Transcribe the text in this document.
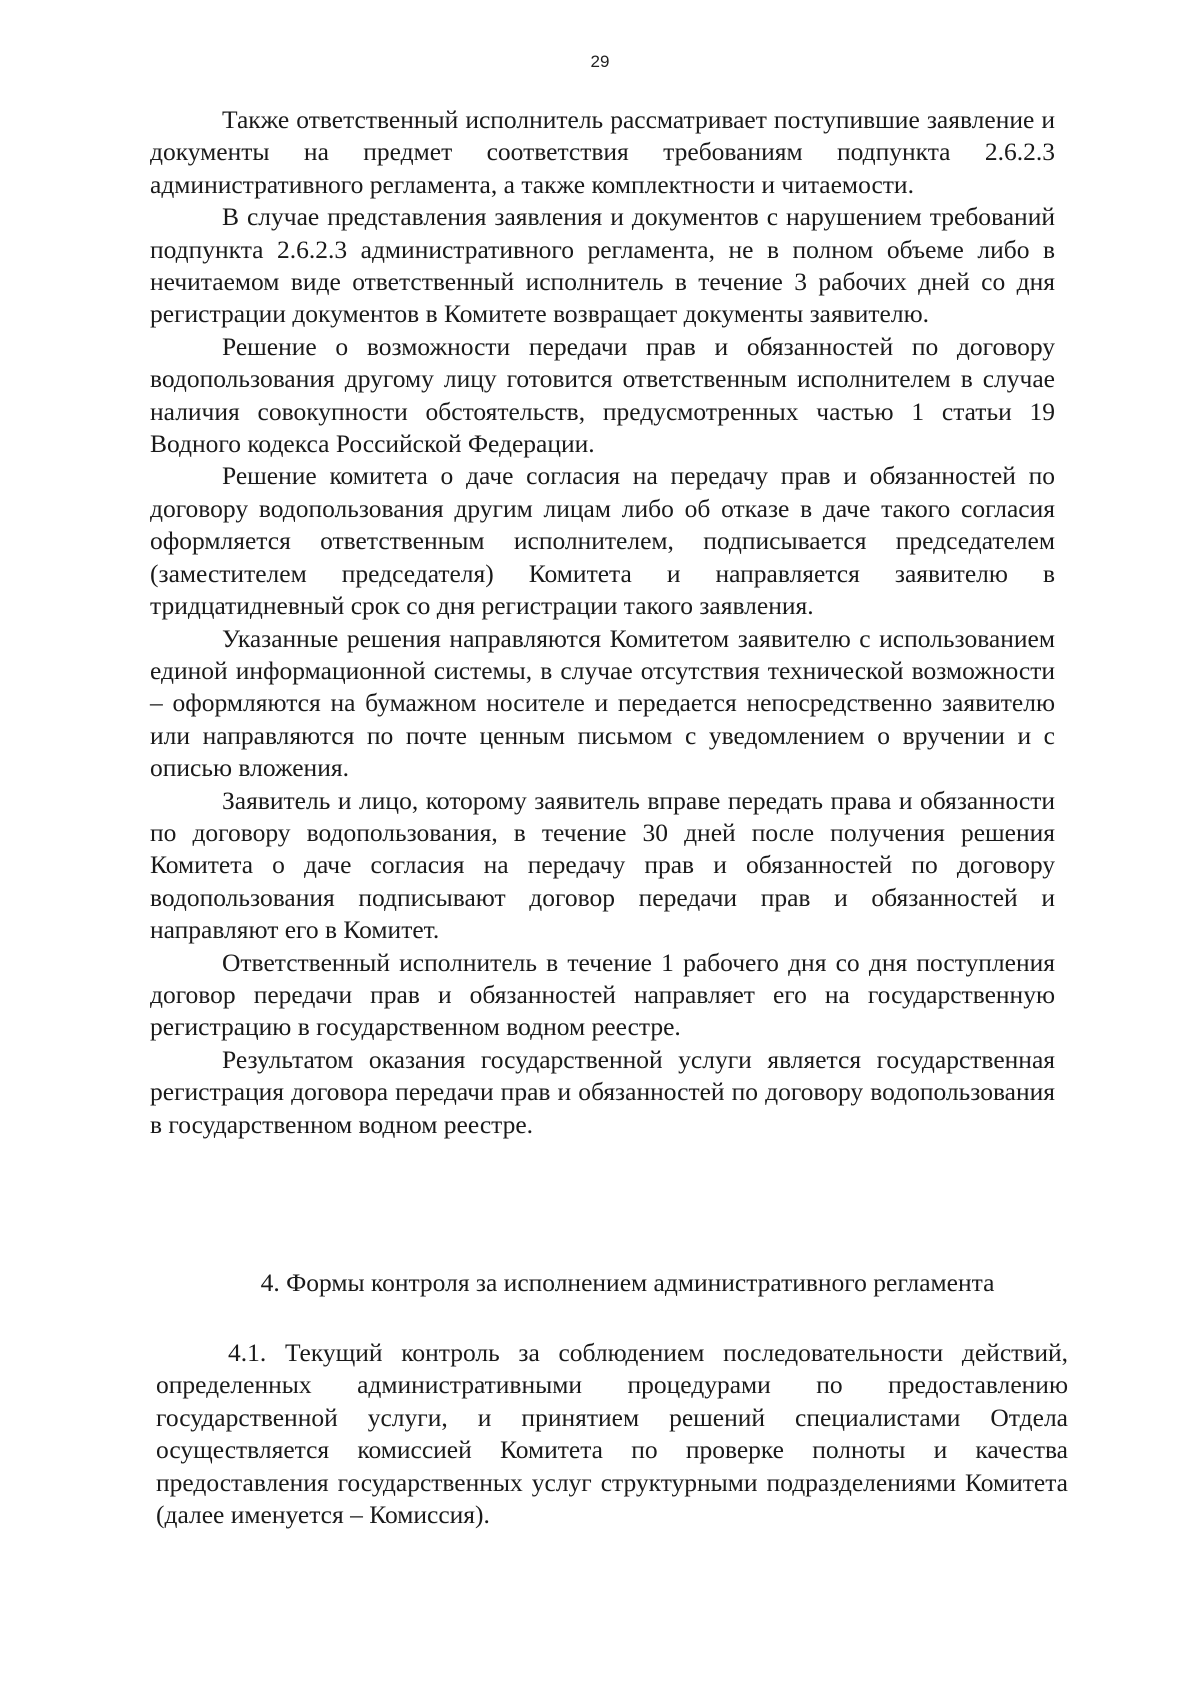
29

Также ответственный исполнитель рассматривает поступившие заявление и документы на предмет соответствия требованиям подпункта 2.6.2.3 административного регламента, а также комплектности и читаемости.

В случае представления заявления и документов с нарушением требований подпункта 2.6.2.3 административного регламента, не в полном объеме либо в нечитаемом виде ответственный исполнитель в течение 3 рабочих дней со дня регистрации документов в Комитете возвращает документы заявителю.

Решение о возможности передачи прав и обязанностей по договору водопользования другому лицу готовится ответственным исполнителем в случае наличия совокупности обстоятельств, предусмотренных частью 1 статьи 19 Водного кодекса Российской Федерации.

Решение комитета о даче согласия на передачу прав и обязанностей по договору водопользования другим лицам либо об отказе в даче такого согласия оформляется ответственным исполнителем, подписывается председателем (заместителем председателя) Комитета и направляется заявителю в тридцатидневный срок со дня регистрации такого заявления.

Указанные решения направляются Комитетом заявителю с использованием единой информационной системы, в случае отсутствия технической возможности – оформляются на бумажном носителе и передается непосредственно заявителю или направляются по почте ценным письмом с уведомлением о вручении и с описью вложения.

Заявитель и лицо, которому заявитель вправе передать права и обязанности по договору водопользования, в течение 30 дней после получения решения Комитета о даче согласия на передачу прав и обязанностей по договору водопользования подписывают договор передачи прав и обязанностей и направляют его в Комитет.

Ответственный исполнитель в течение 1 рабочего дня со дня поступления договор передачи прав и обязанностей направляет его на государственную регистрацию в государственном водном реестре.

Результатом оказания государственной услуги является государственная регистрация договора передачи прав и обязанностей по договору водопользования в государственном водном реестре.

4. Формы контроля за исполнением административного регламента

4.1. Текущий контроль за соблюдением последовательности действий, определенных административными процедурами по предоставлению государственной услуги, и принятием решений специалистами Отдела осуществляется комиссией Комитета по проверке полноты и качества предоставления государственных услуг структурными подразделениями Комитета (далее именуется – Комиссия).
